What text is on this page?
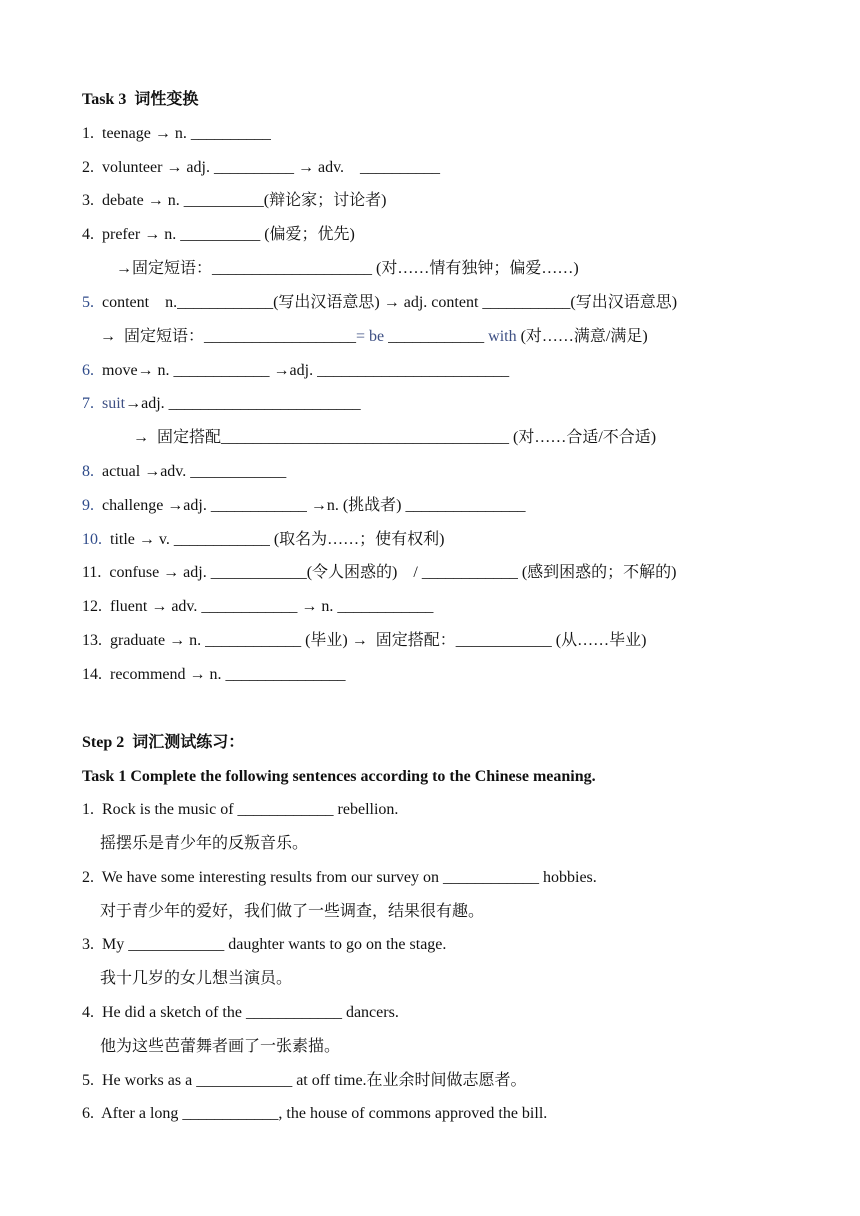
Task 3  词性变换
1.  teenage → n. __________
2.  volunteer → adj. __________ → adv.    __________
3.  debate → n. __________(辩论家；讨论者)
4.  prefer → n. __________ (偏爱；优先)
→固定短语：____________________ (对……情有独钟；偏爱……)
5.  content    n.____________(写出汉语意思) → adj. content ___________(写出汉语意思)
→  固定短语：___________________= be ____________ with (对……满意/满足)
6.  move→ n. ____________ →adj. ________________________
7. suit→adj. ________________________
→  固定搭配____________________________________ (对……合适/不合适)
8.  actual →adv. ____________
9.  challenge →adj. ____________ →n. (挑战者) _______________
10.  title → v. ____________ (取名为……；使有权利)
11.  confuse → adj. ____________(令人困惑的)    / ____________ (感到困惑的；不解的)
12.  fluent → adv. ____________ → n. ____________
13.  graduate → n. ____________ (毕业) →  固定搭配：____________ (从……毕业)
14.  recommend → n. _______________
Step 2  词汇测试练习：
Task 1 Complete the following sentences according to the Chinese meaning.
1.  Rock is the music of ____________ rebellion.
摇摆乐是青少年的反叛音乐。
2.  We have some interesting results from our survey on ____________ hobbies.
对于青少年的爱好，我们做了一些调查，结果很有趣。
3.  My ____________ daughter wants to go on the stage.
我十几岁的女儿想当演员。
4.  He did a sketch of the ____________ dancers.
他为这些芭蕾舞者画了一张素描。
5.  He works as a ____________ at off time.在业余时间做志愿者。
6.  After a long ____________, the house of commons approved the bill.
